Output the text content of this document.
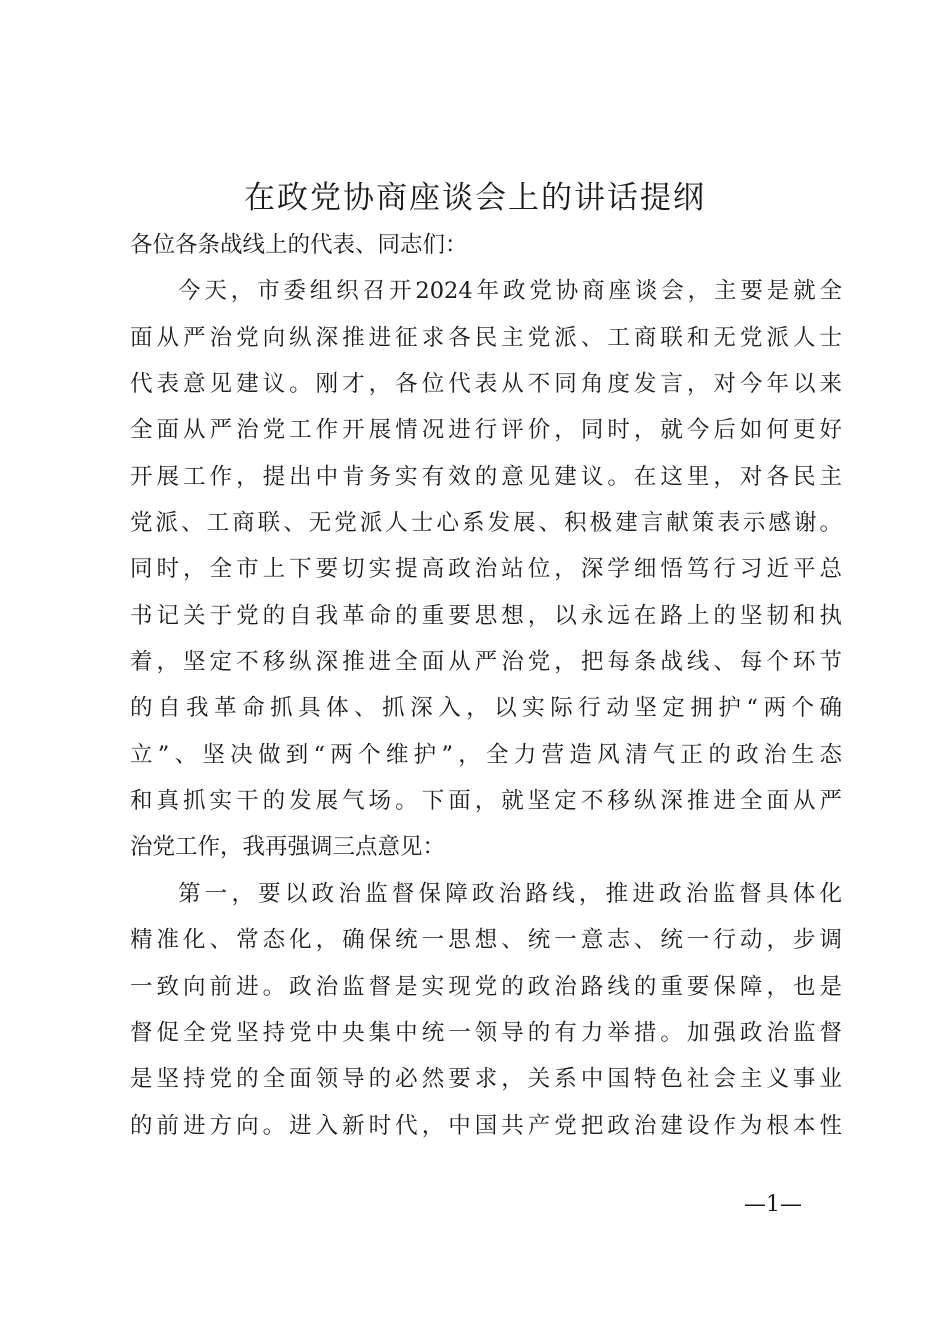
在政党协商座谈会上的讲话提纲
各位各条战线上的代表、同志们：
今天，市委组织召开2024年政党协商座谈会，主要是就全
面从严治党向纵深推进征求各民主党派、工商联和无党派人士
代表意见建议。刚才，各位代表从不同角度发言，对今年以来
全面从严治党工作开展情况进行评价，同时，就今后如何更好
开展工作，提出中肯务实有效的意见建议。在这里，对各民主
党派、工商联、无党派人士心系发展、积极建言献策表示感谢。
同时，全市上下要切实提高政治站位，深学细悟笃行习近平总
书记关于党的自我革命的重要思想，以永远在路上的坚韧和执
着，坚定不移纵深推进全面从严治党，把每条战线、每个环节
的自我革命抓具体、抓深入，以实际行动坚定拥护“两个确
立”、坚决做到“两个维护”，全力营造风清气正的政治生态
和真抓实干的发展气场。下面，就坚定不移纵深推进全面从严
治党工作，我再强调三点意见：
第一，要以政治监督保障政治路线，推进政治监督具体化
精准化、常态化，确保统一思想、统一意志、统一行动，步调
一致向前进。政治监督是实现党的政治路线的重要保障，也是
督促全党坚持党中央集中统一领导的有力举措。加强政治监督
是坚持党的全面领导的必然要求，关系中国特色社会主义事业
的前进方向。进入新时代，中国共产党把政治建设作为根本性
—1—
